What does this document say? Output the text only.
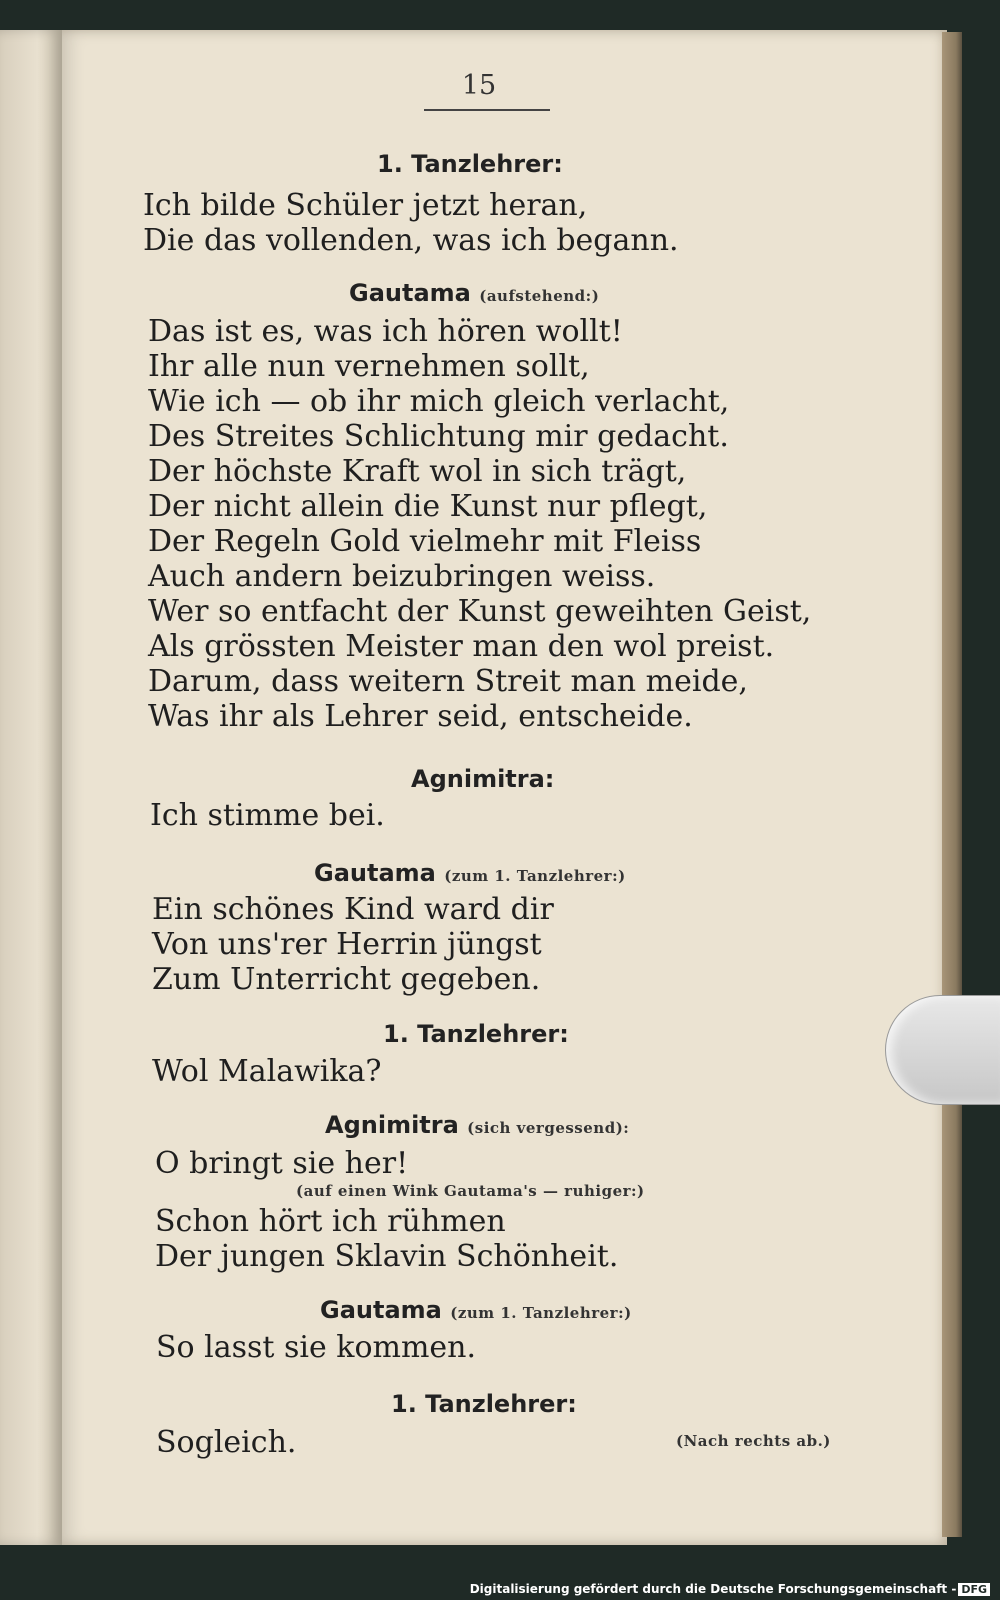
15
1. Tanzlehrer:
Ich bilde Schüler jetzt heran,
Die das vollenden, was ich begann.
Gautama (aufstehend:)
Das ist es, was ich hören wollt!
Ihr alle nun vernehmen sollt,
Wie ich — ob ihr mich gleich verlacht,
Des Streites Schlichtung mir gedacht.
Der höchste Kraft wol in sich trägt,
Der nicht allein die Kunst nur pflegt,
Der Regeln Gold vielmehr mit Fleiss
Auch andern beizubringen weiss.
Wer so entfacht der Kunst geweihten Geist,
Als grössten Meister man den wol preist.
Darum, dass weitern Streit man meide,
Was ihr als Lehrer seid, entscheide.
Agnimitra:
Ich stimme bei.
Gautama (zum 1. Tanzlehrer:)
Ein schönes Kind ward dir
Von uns'rer Herrin jüngst
Zum Unterricht gegeben.
1. Tanzlehrer:
Wol Malawika?
Agnimitra (sich vergessend):
O bringt sie her!
(auf einen Wink Gautama's — ruhiger:)
Schon hört ich rühmen
Der jungen Sklavin Schönheit.
Gautama (zum 1. Tanzlehrer:)
So lasst sie kommen.
1. Tanzlehrer:
Sogleich.	(Nach rechts ab.)
Digitalisierung gefördert durch die Deutsche Forschungsgemeinschaft - DFG
